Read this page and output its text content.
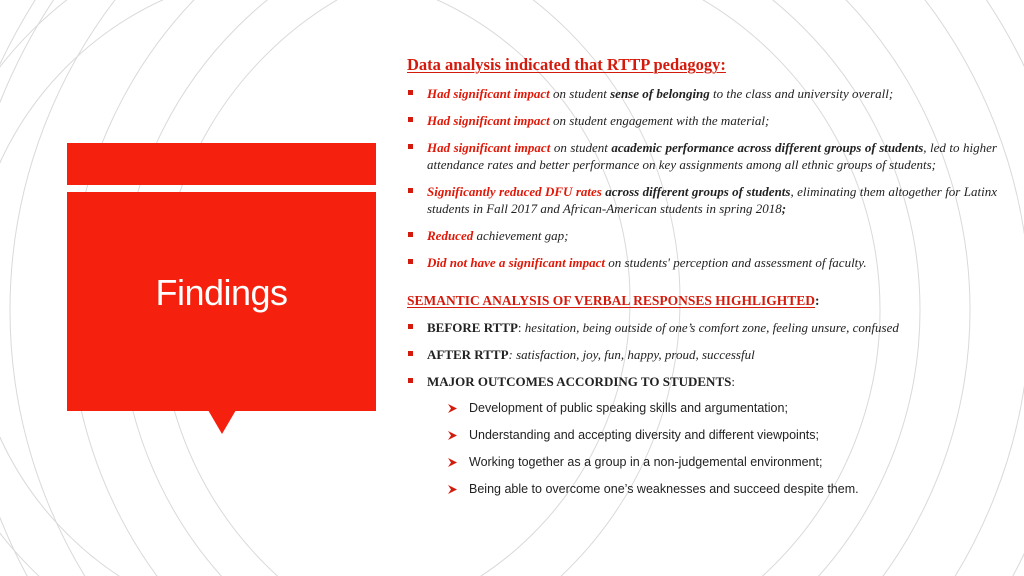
Findings
Data analysis indicated that RTTP pedagogy:
Had significant impact on student sense of belonging to the class and university overall;
Had significant impact on student engagement with the material;
Had significant impact on student academic performance across different groups of students, led to higher attendance rates and better performance on key assignments among all ethnic groups of students;
Significantly reduced DFU rates across different groups of students, eliminating them altogether for Latinx students in Fall 2017 and African-American students in spring 2018;
Reduced achievement gap;
Did not have a significant impact on students' perception and assessment of faculty.
SEMANTIC ANALYSIS OF VERBAL RESPONSES HIGHLIGHTED:
BEFORE RTTP: hesitation, being outside of one’s comfort zone, feeling unsure, confused
AFTER RTTP: satisfaction, joy, fun, happy, proud, successful
MAJOR OUTCOMES ACCORDING TO STUDENTS:
Development of public speaking skills and argumentation;
Understanding and accepting diversity and different viewpoints;
Working together as a group in a non-judgemental environment;
Being able to overcome one’s weaknesses and succeed despite them.
